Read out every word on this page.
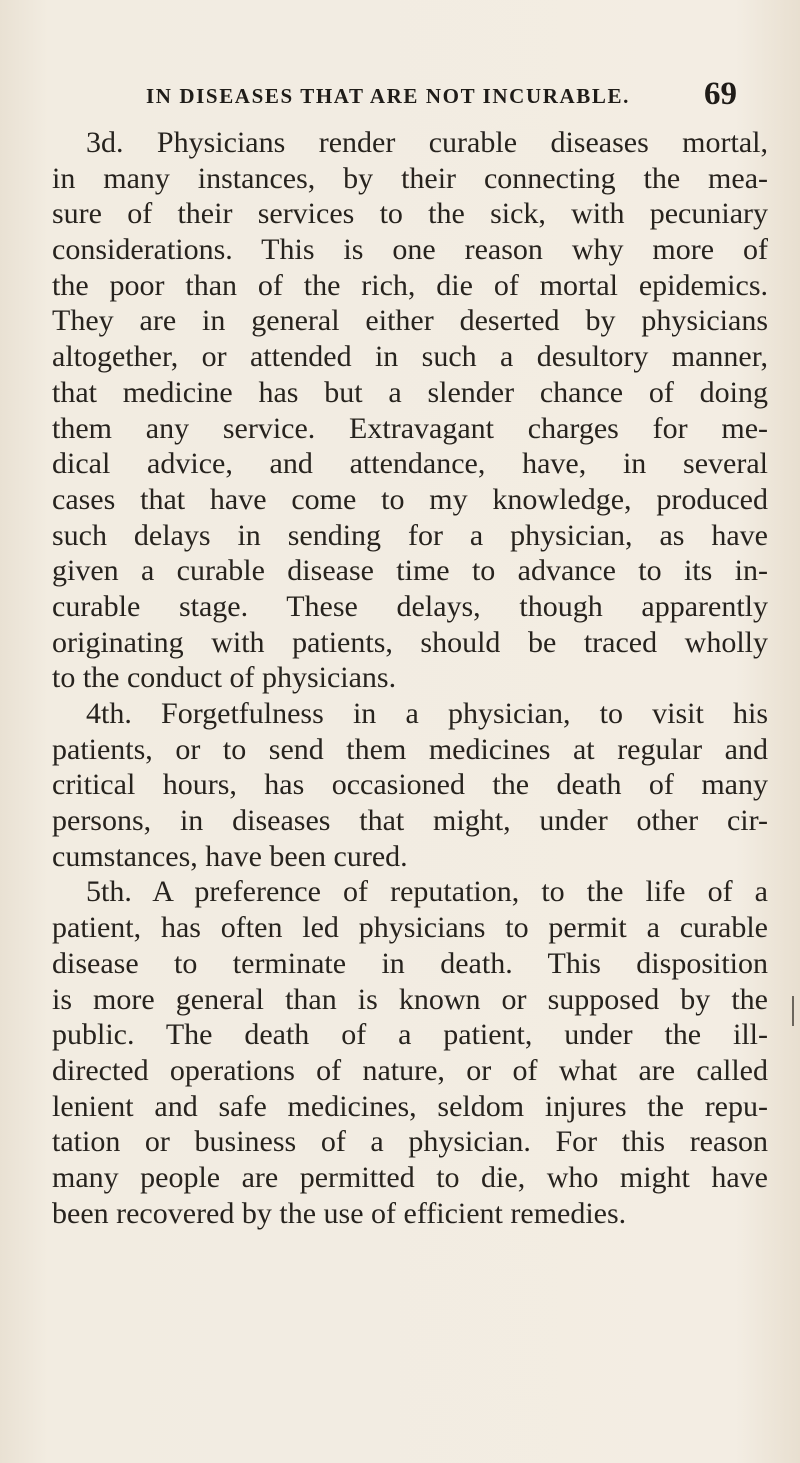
IN DISEASES THAT ARE NOT INCURABLE. 69
3d. Physicians render curable diseases mortal,
in many instances, by their connecting the mea-
sure of their services to the sick, with pecuniary
considerations. This is one reason why more of
the poor than of the rich, die of mortal epidemics.
They are in general either deserted by physicians
altogether, or attended in such a desultory manner,
that medicine has but a slender chance of doing
them any service. Extravagant charges for me-
dical advice, and attendance, have, in several
cases that have come to my knowledge, produced
such delays in sending for a physician, as have
given a curable disease time to advance to its in-
curable stage. These delays, though apparently
originating with patients, should be traced wholly
to the conduct of physicians.
4th. Forgetfulness in a physician, to visit his
patients, or to send them medicines at regular and
critical hours, has occasioned the death of many
persons, in diseases that might, under other cir-
cumstances, have been cured.
5th. A preference of reputation, to the life of a
patient, has often led physicians to permit a curable
disease to terminate in death. This disposition
is more general than is known or supposed by the
public. The death of a patient, under the ill-
directed operations of nature, or of what are called
lenient and safe medicines, seldom injures the repu-
tation or business of a physician. For this reason
many people are permitted to die, who might have
been recovered by the use of efficient remedies.
